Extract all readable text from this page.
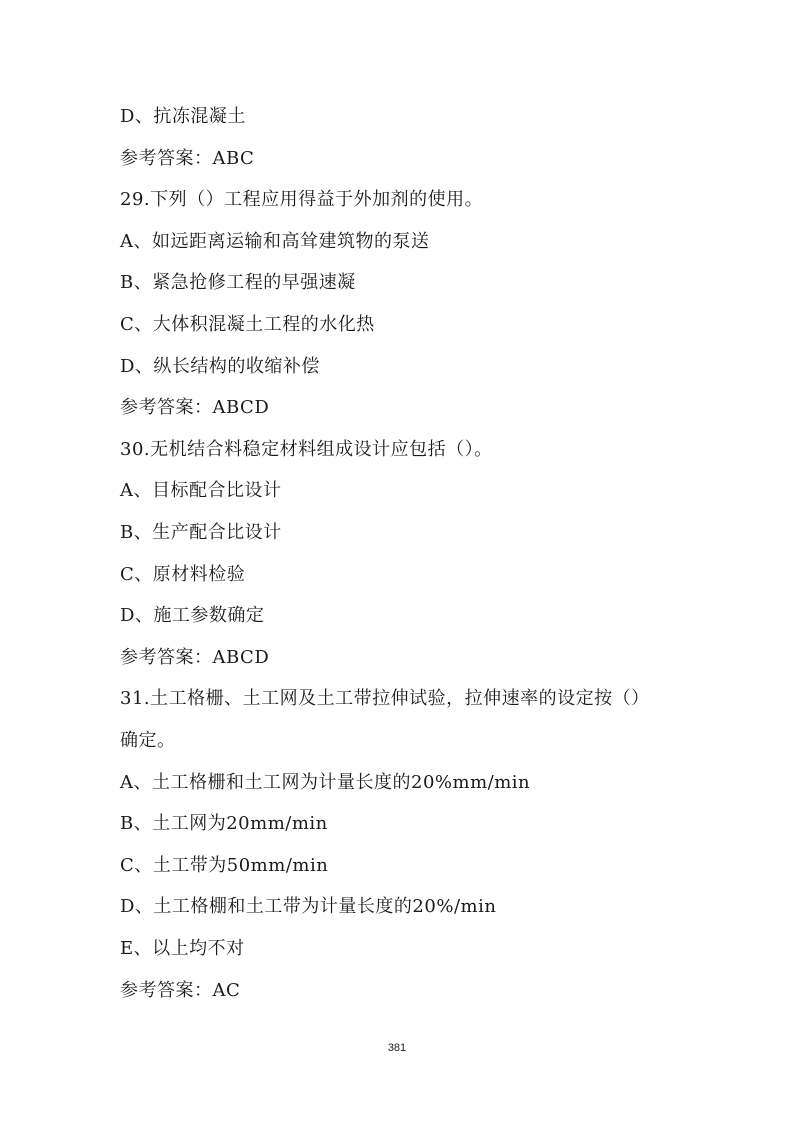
D、抗冻混凝土
参考答案：ABC
29.下列（）工程应用得益于外加剂的使用。
A、如远距离运输和高耸建筑物的泵送
B、紧急抢修工程的早强速凝
C、大体积混凝土工程的水化热
D、纵长结构的收缩补偿
参考答案：ABCD
30.无机结合料稳定材料组成设计应包括（）。
A、目标配合比设计
B、生产配合比设计
C、原材料检验
D、施工参数确定
参考答案：ABCD
31.土工格栅、土工网及土工带拉伸试验，拉伸速率的设定按（）
确定。
A、土工格栅和土工网为计量长度的20%mm/min
B、土工网为20mm/min
C、土工带为50mm/min
D、土工格棚和土工带为计量长度的20%/min
E、以上均不对
参考答案：AC
381
